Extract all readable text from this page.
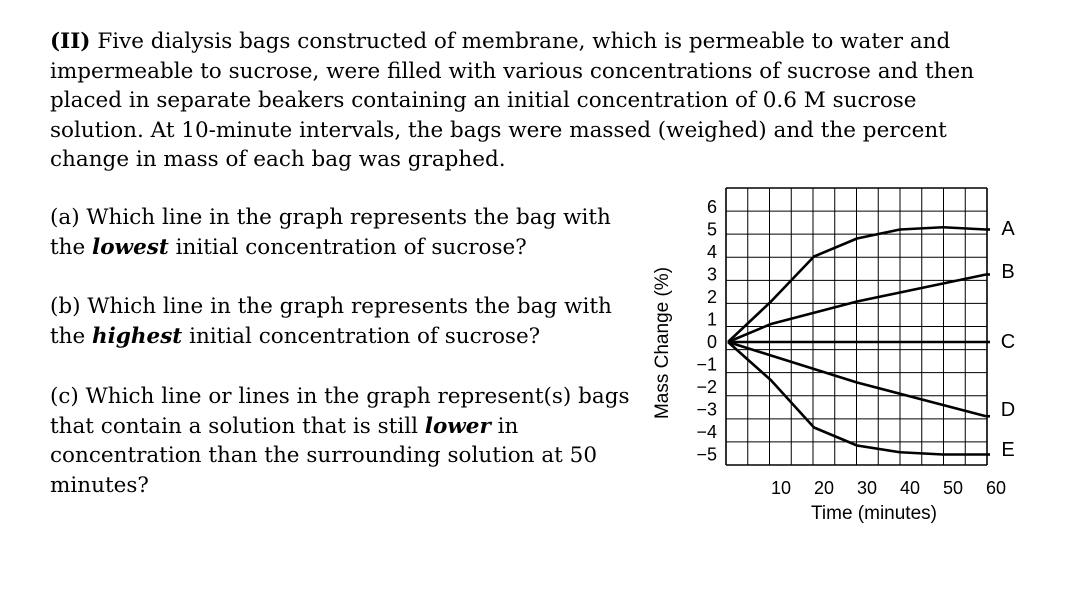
(II) Five dialysis bags constructed of membrane, which is permeable to water and impermeable to sucrose, were filled with various concentrations of sucrose and then placed in separate beakers containing an initial concentration of 0.6 M sucrose solution. At 10-minute intervals, the bags were massed (weighed) and the percent change in mass of each bag was graphed.

(a) Which line in the graph represents the bag with the lowest initial concentration of sucrose?

(b) Which line in the graph represents the bag with the highest initial concentration of sucrose?

(c) Which line or lines in the graph represent(s) bags that contain a solution that is still lower in concentration than the surrounding solution at 50 minutes?

A
B
C
D
E
6
5
4
3
2
1
0
−1
−2
−3
−4
−5
10 20 30 40 50 60
Mass Change (%)
Time (minutes)
